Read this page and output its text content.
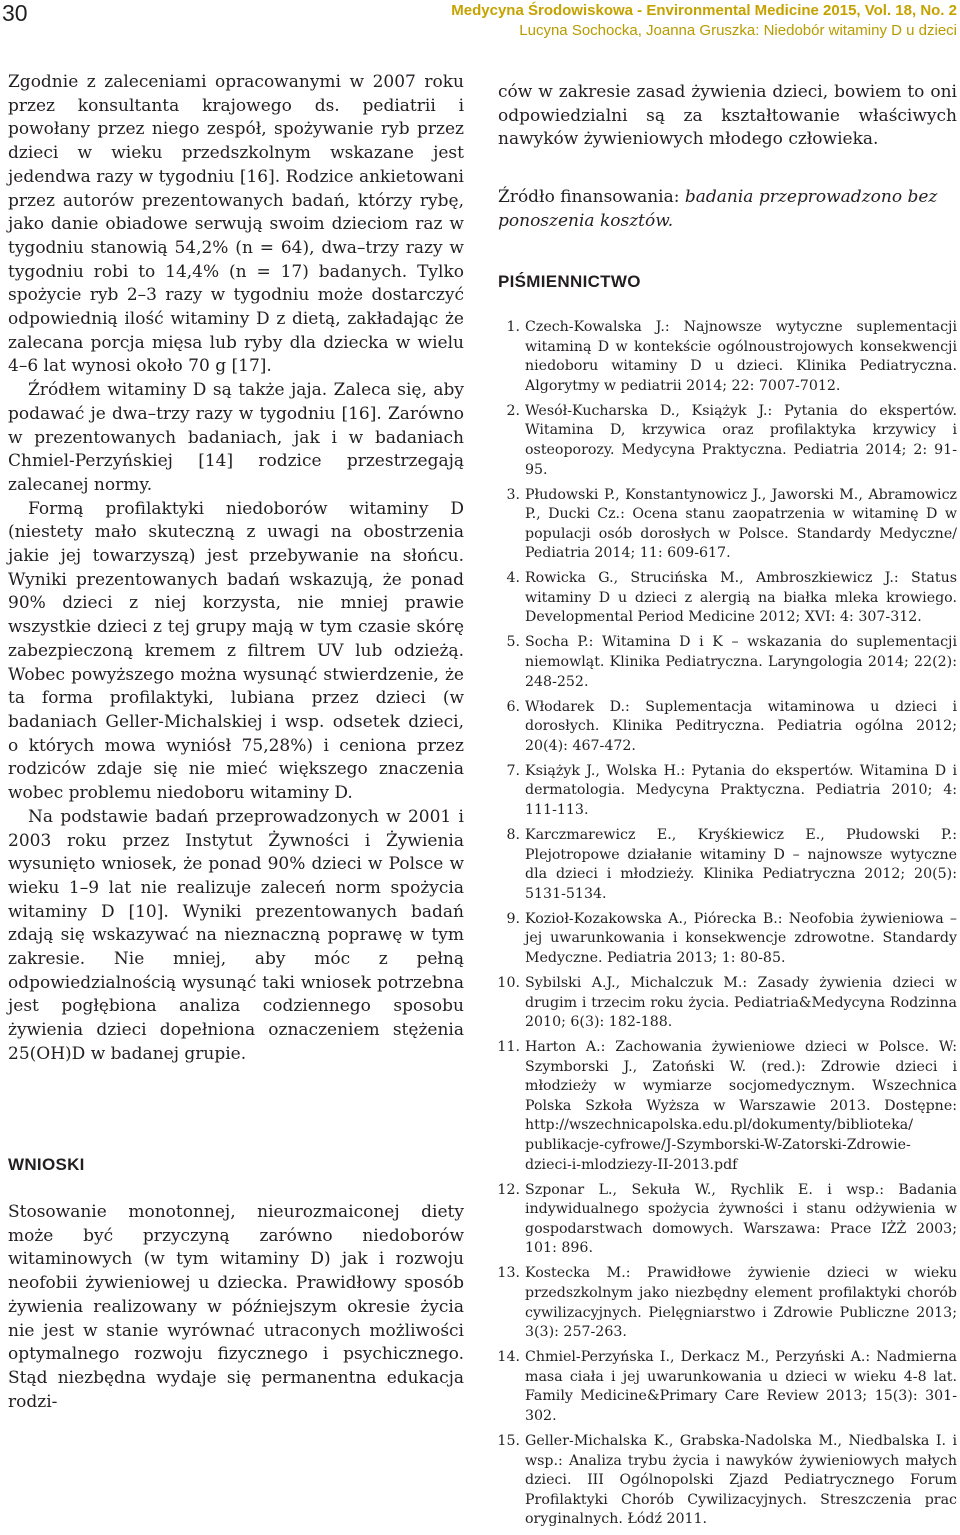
30	Medycyna Środowiskowa - Environmental Medicine 2015, Vol. 18, No. 2
Lucyna Sochocka, Joanna Gruszka: Niedobór witaminy D u dzieci

Zgodnie z zaleceniami opracowanymi w 2007 roku przez konsultanta krajowego ds. pediatrii i powołany przez niego zespół, spożywanie ryb przez dzieci w wieku przedszkolnym wskazane jest jedendwa razy w tygodniu [16]. Rodzice ankietowani przez autorów prezentowanych badań, którzy rybę, jako danie obiadowe serwują swoim dzieciom raz w tygodniu stanowią 54,2% (n = 64), dwa–trzy razy w tygodniu robi to 14,4% (n = 17) badanych. Tylko spożycie ryb 2–3 razy w tygodniu może dostarczyć odpowiednią ilość witaminy D z dietą, zakładając że zalecana porcja mięsa lub ryby dla dziecka w wielu 4–6 lat wynosi około 70 g [17].

Źródłem witaminy D są także jaja. Zaleca się, aby podawać je dwa–trzy razy w tygodniu [16]. Zarówno w prezentowanych badaniach, jak i w badaniach Chmiel-Perzyńskiej [14] rodzice przestrzegają zalecanej normy.

Formą profilaktyki niedoborów witaminy D (niestety mało skuteczną z uwagi na obostrzenia jakie jej towarzyszą) jest przebywanie na słońcu. Wyniki prezentowanych badań wskazują, że ponad 90% dzieci z niej korzysta, nie mniej prawie wszystkie dzieci z tej grupy mają w tym czasie skórę zabezpieczoną kremem z filtrem UV lub odzieżą. Wobec powyższego można wysunąć stwierdzenie, że ta forma profilaktyki, lubiana przez dzieci (w badaniach Geller-Michalskiej i wsp. odsetek dzieci, o których mowa wyniósł 75,28%) i ceniona przez rodziców zdaje się nie mieć większego znaczenia wobec problemu niedoboru witaminy D.

Na podstawie badań przeprowadzonych w 2001 i 2003 roku przez Instytut Żywności i Żywienia wysunięto wniosek, że ponad 90% dzieci w Polsce w wieku 1–9 lat nie realizuje zaleceń norm spożycia witaminy D [10]. Wyniki prezentowanych badań zdają się wskazywać na nieznaczną poprawę w tym zakresie. Nie mniej, aby móc z pełną odpowiedzialnością wysunąć taki wniosek potrzebna jest pogłębiona analiza codziennego sposobu żywienia dzieci dopełniona oznaczeniem stężenia 25(OH)D w badanej grupie.

WNIOSKI

Stosowanie monotonnej, nieurozmaiconej diety może być przyczyną zarówno niedoborów witaminowych (w tym witaminy D) jak i rozwoju neofobii żywieniowej u dziecka. Prawidłowy sposób żywienia realizowany w późniejszym okresie życia nie jest w stanie wyrównać utraconych możliwości optymalnego rozwoju fizycznego i psychicznego. Stąd niezbędna wydaje się permanentna edukacja rodzi-

ców w zakresie zasad żywienia dzieci, bowiem to oni odpowiedzialni są za kształtowanie właściwych nawyków żywieniowych młodego człowieka.

Źródło finansowania: badania przeprowadzono bez ponoszenia kosztów.
PIŚMIENNICTWO
1. Czech-Kowalska J.: Najnowsze wytyczne suplementacji witaminą D w kontekście ogólnoustrojowych konsekwencji niedoboru witaminy D u dzieci. Klinika Pediatryczna. Algorytmy w pediatrii 2014; 22: 7007-7012.
2. Wesół-Kucharska D., Książyk J.: Pytania do ekspertów. Witamina D, krzywica oraz profilaktyka krzywicy i osteoporozy. Medycyna Praktyczna. Pediatria 2014; 2: 91-95.
3. Płudowski P., Konstantynowicz J., Jaworski M., Abramowicz P., Ducki Cz.: Ocena stanu zaopatrzenia w witaminę D w populacji osób dorosłych w Polsce. Standardy Medyczne/ Pediatria 2014; 11: 609-617.
4. Rowicka G., Strucińska M., Ambroszkiewicz J.: Status witaminy D u dzieci z alergią na białka mleka krowiego. Developmental Period Medicine 2012; XVI: 4: 307-312.
5. Socha P.: Witamina D i K – wskazania do suplementacji niemowląt. Klinika Pediatryczna. Laryngologia 2014; 22(2): 248-252.
6. Włodarek D.: Suplementacja witaminowa u dzieci i dorosłych. Klinika Peditryczna. Pediatria ogólna 2012; 20(4): 467-472.
7. Książyk J., Wolska H.: Pytania do ekspertów. Witamina D i dermatologia. Medycyna Praktyczna. Pediatria 2010; 4: 111-113.
8. Karczmarewicz E., Kryśkiewicz E., Płudowski P.: Plejotropowe działanie witaminy D – najnowsze wytyczne dla dzieci i młodzieży. Klinika Pediatryczna 2012; 20(5): 5131-5134.
9. Kozioł-Kozakowska A., Piórecka B.: Neofobia żywieniowa – jej uwarunkowania i konsekwencje zdrowotne. Standardy Medyczne. Pediatria 2013; 1: 80-85.
10. Sybilski A.J., Michalczuk M.: Zasady żywienia dzieci w drugim i trzecim roku życia. Pediatria&Medycyna Rodzinna 2010; 6(3): 182-188.
11. Harton A.: Zachowania żywieniowe dzieci w Polsce. W: Szymborski J., Zatoński W. (red.): Zdrowie dzieci i młodzieży w wymiarze socjomedycznym. Wszechnica Polska Szkoła Wyższa w Warszawie 2013. Dostępne: http://wszechnicapolska.edu.pl/dokumenty/biblioteka/ publikacje-cyfrowe/J-Szymborski-W-Zatorski-Zdrowie-dzieci-i-mlodziezy-II-2013.pdf
12. Szponar L., Sekuła W., Rychlik E. i wsp.: Badania indywidualnego spożycia żywności i stanu odżywienia w gospodarstwach domowych. Warszawa: Prace IŻŻ 2003; 101: 896.
13. Kostecka M.: Prawidłowe żywienie dzieci w wieku przedszkolnym jako niezbędny element profilaktyki chorób cywilizacyjnych. Pielęgniarstwo i Zdrowie Publiczne 2013; 3(3): 257-263.
14. Chmiel-Perzyńska I., Derkacz M., Perzyński A.: Nadmierna masa ciała i jej uwarunkowania u dzieci w wieku 4-8 lat. Family Medicine&Primary Care Review 2013; 15(3): 301-302.
15. Geller-Michalska K., Grabska-Nadolska M., Niedbalska I. i wsp.: Analiza trybu życia i nawyków żywieniowych małych dzieci. III Ogólnopolski Zjazd Pediatrycznego Forum Profilaktyki Chorób Cywilizacyjnych. Streszczenia prac oryginalnych. Łódź 2011.
